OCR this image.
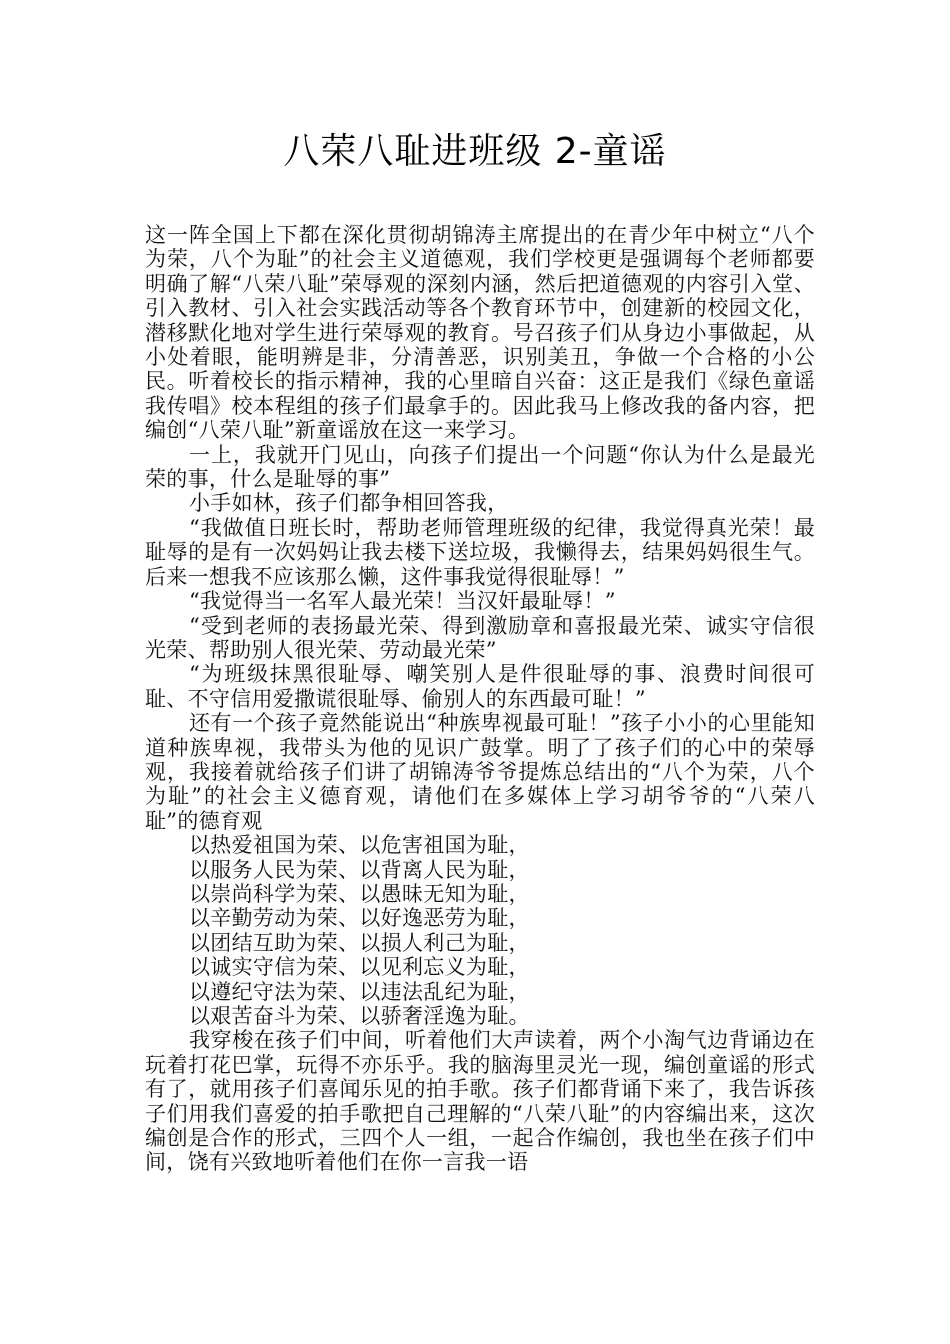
八荣八耻进班级 2-童谣

这一阵全国上下都在深化贯彻胡锦涛主席提出的在青少年中树立“八个为荣，八个为耻”的社会主义道德观，我们学校更是强调每个老师都要明确了解“八荣八耻”荣辱观的深刻内涵，然后把道德观的内容引入堂、引入教材、引入社会实践活动等各个教育环节中，创建新的校园文化，潜移默化地对学生进行荣辱观的教育。号召孩子们从身边小事做起，从小处着眼，能明辨是非，分清善恶，识别美丑，争做一个合格的小公民。听着校长的指示精神，我的心里暗自兴奋：这正是我们《绿色童谣我传唱》校本程组的孩子们最拿手的。因此我马上修改我的备内容，把编创“八荣八耻”新童谣放在这一来学习。

一上，我就开门见山，向孩子们提出一个问题“你认为什么是最光荣的事，什么是耻辱的事”

小手如林，孩子们都争相回答我，

“我做值日班长时，帮助老师管理班级的纪律，我觉得真光荣！最耻辱的是有一次妈妈让我去楼下送垃圾，我懒得去，结果妈妈很生气。后来一想我不应该那么懒，这件事我觉得很耻辱！”

“我觉得当一名军人最光荣！当汉奸最耻辱！”

“受到老师的表扬最光荣、得到激励章和喜报最光荣、诚实守信很光荣、帮助别人很光荣、劳动最光荣”

“为班级抹黑很耻辱、嘲笑别人是件很耻辱的事、浪费时间很可耻、不守信用爱撒谎很耻辱、偷别人的东西最可耻！”

还有一个孩子竟然能说出“种族卑视最可耻！”孩子小小的心里能知道种族卑视，我带头为他的见识广鼓掌。明了了孩子们的心中的荣辱观，我接着就给孩子们讲了胡锦涛爷爷提炼总结出的“八个为荣，八个为耻”的社会主义德育观，请他们在多媒体上学习胡爷爷的“八荣八耻”的德育观

以热爱祖国为荣、以危害祖国为耻，

以服务人民为荣、以背离人民为耻，

以崇尚科学为荣、以愚昧无知为耻，

以辛勤劳动为荣、以好逸恶劳为耻，

以团结互助为荣、以损人利己为耻，

以诚实守信为荣、以见利忘义为耻，

以遵纪守法为荣、以违法乱纪为耻，

以艰苦奋斗为荣、以骄奢淫逸为耻。

我穿梭在孩子们中间，听着他们大声读着，两个小淘气边背诵边在玩着打花巴掌，玩得不亦乐乎。我的脑海里灵光一现，编创童谣的形式有了，就用孩子们喜闻乐见的拍手歌。孩子们都背诵下来了，我告诉孩子们用我们喜爱的拍手歌把自己理解的“八荣八耻”的内容编出来，这次编创是合作的形式，三四个人一组，一起合作编创，我也坐在孩子们中间，饶有兴致地听着他们在你一言我一语
